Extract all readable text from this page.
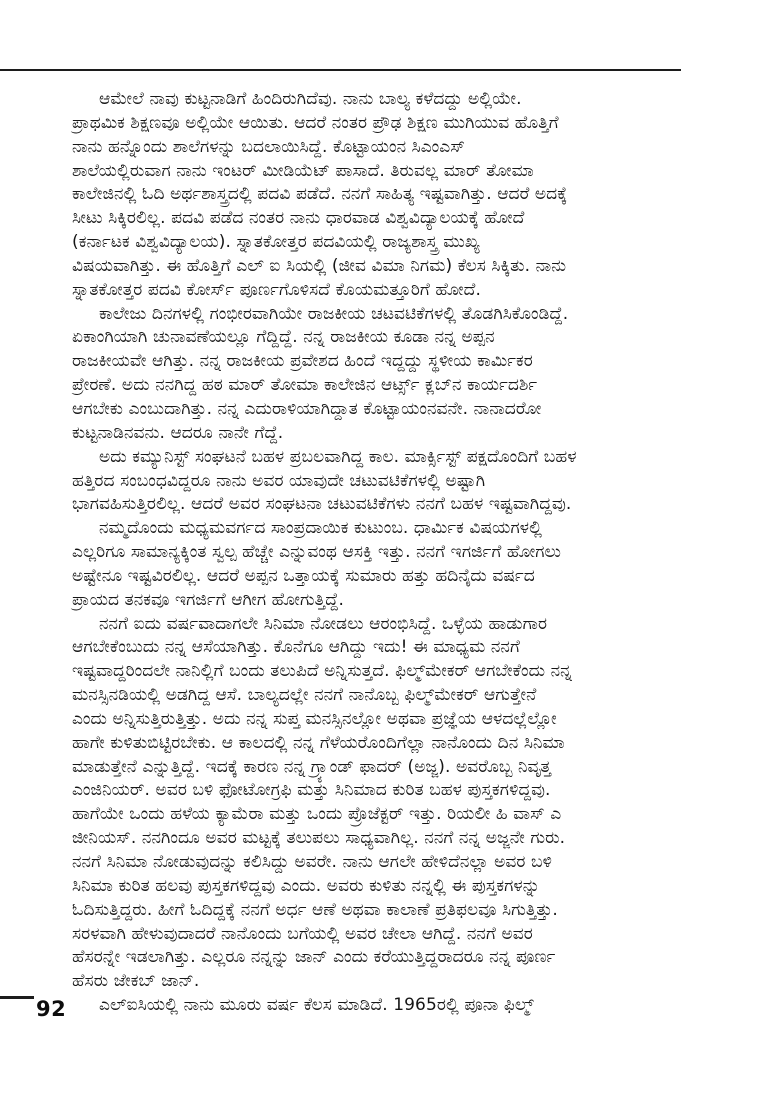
ಆಮೇಲೆ ನಾವು ಕುಟ್ಟನಾಡಿಗೆ ಹಿಂದಿರುಗಿದೆವು. ನಾನು ಬಾಲ್ಯ ಕಳೆದದ್ದು ಅಲ್ಲಿಯೇ.
ಪ್ರಾಥಮಿಕ ಶಿಕ್ಷಣವೂ ಅಲ್ಲಿಯೇ ಆಯಿತು. ಆದರೆ ನಂತರ ಪ್ರೌಢ ಶಿಕ್ಷಣ ಮುಗಿಯುವ ಹೊತ್ತಿಗೆ
ನಾನು ಹನ್ನೊಂದು ಶಾಲೆಗಳನ್ನು ಬದಲಾಯಿಸಿದ್ದೆ. ಕೊಟ್ಟಾಯಂನ ಸಿಎಂಎಸ್
ಶಾಲೆಯಲ್ಲಿರುವಾಗ ನಾನು ಇಂಟರ್ ಮೀಡಿಯೆಟ್ ಪಾಸಾದೆ. ತಿರುವಲ್ಲ ಮಾರ್ ತೋಮಾ
ಕಾಲೇಜಿನಲ್ಲಿ ಓದಿ ಅರ್ಥಶಾಸ್ತ್ರದಲ್ಲಿ ಪದವಿ ಪಡೆದೆ. ನನಗೆ ಸಾಹಿತ್ಯ ಇಷ್ಟವಾಗಿತ್ತು. ಆದರೆ ಅದಕ್ಕೆ
ಸೀಟು ಸಿಕ್ಕಿರಲಿಲ್ಲ. ಪದವಿ ಪಡೆದ ನಂತರ ನಾನು ಧಾರವಾಡ ವಿಶ್ವವಿದ್ಯಾಲಯಕ್ಕೆ ಹೋದೆ
(ಕರ್ನಾಟಕ ವಿಶ್ವವಿದ್ಯಾಲಯ). ಸ್ನಾತಕೋತ್ತರ ಪದವಿಯಲ್ಲಿ ರಾಜ್ಯಶಾಸ್ತ್ರ ಮುಖ್ಯ
ವಿಷಯವಾಗಿತ್ತು. ಈ ಹೊತ್ತಿಗೆ ಎಲ್ ಐ ಸಿಯಲ್ಲಿ (ಜೀವ ವಿಮಾ ನಿಗಮ) ಕೆಲಸ ಸಿಕ್ಕಿತು. ನಾನು
ಸ್ನಾತಕೋತ್ತರ ಪದವಿ ಕೋರ್ಸ್ ಪೂರ್ಣಗೊಳಿಸದೆ ಕೊಯಮತ್ತೂರಿಗೆ ಹೋದೆ.
ಕಾಲೇಜು ದಿನಗಳಲ್ಲಿ ಗಂಭೀರವಾಗಿಯೇ ರಾಜಕೀಯ ಚಟವಟಿಕೆಗಳಲ್ಲಿ ತೊಡಗಿಸಿಕೊಂಡಿದ್ದೆ.
ಏಕಾಂಗಿಯಾಗಿ ಚುನಾವಣೆಯಲ್ಲೂ ಗೆದ್ದಿದ್ದೆ. ನನ್ನ ರಾಜಕೀಯ ಕೂಡಾ ನನ್ನ ಅಪ್ಪನ
ರಾಜಕೀಯವೇ ಆಗಿತ್ತು. ನನ್ನ ರಾಜಕೀಯ ಪ್ರವೇಶದ ಹಿಂದೆ ಇದ್ದದ್ದು ಸ್ಥಳೀಯ ಕಾರ್ಮಿಕರ
ಪ್ರೇರಣೆ. ಅದು ನನಗಿದ್ದ ಹಠ ಮಾರ್ ತೋಮಾ ಕಾಲೇಜಿನ ಆರ್ಟ್ಸ್ ಕ್ಲಬ್‌ನ ಕಾರ್ಯದರ್ಶಿ
ಆಗಬೇಕು ಎಂಬುದಾಗಿತ್ತು. ನನ್ನ ಎದುರಾಳಿಯಾಗಿದ್ದಾತ ಕೊಟ್ಟಾಯಂನವನೇ. ನಾನಾದರೋ
ಕುಟ್ಟನಾಡಿನವನು. ಆದರೂ ನಾನೇ ಗೆದ್ದೆ.
ಅದು ಕಮ್ಯುನಿಸ್ಟ್ ಸಂಘಟನೆ ಬಹಳ ಪ್ರಬಲವಾಗಿದ್ದ ಕಾಲ. ಮಾರ್ಕ್ಸಿಸ್ಟ್ ಪಕ್ಷದೊಂದಿಗೆ ಬಹಳ
ಹತ್ತಿರದ ಸಂಬಂಧವಿದ್ದರೂ ನಾನು ಅವರ ಯಾವುದೇ ಚಟುವಟಿಕೆಗಳಲ್ಲಿ ಅಷ್ಟಾಗಿ
ಭಾಗವಹಿಸುತ್ತಿರಲಿಲ್ಲ. ಆದರೆ ಅವರ ಸಂಘಟನಾ ಚಟುವಟಿಕೆಗಳು ನನಗೆ ಬಹಳ ಇಷ್ಟವಾಗಿದ್ದವು.
ನಮ್ಮದೊಂದು ಮಧ್ಯಮವರ್ಗದ ಸಾಂಪ್ರದಾಯಿಕ ಕುಟುಂಬ. ಧಾರ್ಮಿಕ ವಿಷಯಗಳಲ್ಲಿ
ಎಲ್ಲರಿಗೂ ಸಾಮಾನ್ಯಕ್ಕಿಂತ ಸ್ವಲ್ಪ ಹೆಚ್ಚೇ ಎನ್ನುವಂಥ ಆಸಕ್ತಿ ಇತ್ತು. ನನಗೆ ಇಗರ್ಜಿಗೆ ಹೋಗಲು
ಅಷ್ಟೇನೂ ಇಷ್ಟವಿರಲಿಲ್ಲ. ಆದರೆ ಅಪ್ಪನ ಒತ್ತಾಯಕ್ಕೆ ಸುಮಾರು ಹತ್ತು ಹದಿನೈದು ವರ್ಷದ
ಪ್ರಾಯದ ತನಕವೂ ಇಗರ್ಜಿಗೆ ಆಗೀಗ ಹೋಗುತ್ತಿದ್ದೆ.
ನನಗೆ ಐದು ವರ್ಷವಾದಾಗಲೇ ಸಿನಿಮಾ ನೋಡಲು ಆರಂಭಿಸಿದ್ದೆ. ಒಳ್ಳೆಯ ಹಾಡುಗಾರ
ಆಗಬೇಕೆಂಬುದು ನನ್ನ ಆಸೆಯಾಗಿತ್ತು. ಕೊನೆಗೂ ಆಗಿದ್ದು ಇದು! ಈ ಮಾಧ್ಯಮ ನನಗೆ
ಇಷ್ಟವಾದ್ದರಿಂದಲೇ ನಾನಿಲ್ಲಿಗೆ ಬಂದು ತಲುಪಿದೆ ಅನ್ನಿಸುತ್ತದೆ. ಫಿಲ್ಮ್‌ಮೇಕರ್ ಆಗಬೇಕೆಂದು ನನ್ನ
ಮನಸ್ಸಿನಡಿಯಲ್ಲಿ ಅಡಗಿದ್ದ ಆಸೆ. ಬಾಲ್ಯದಲ್ಲೇ ನನಗೆ ನಾನೊಬ್ಬ ಫಿಲ್ಮ್‌ಮೇಕರ್ ಆಗುತ್ತೇನೆ
ಎಂದು ಅನ್ನಿಸುತ್ತಿರುತ್ತಿತ್ತು. ಅದು ನನ್ನ ಸುಪ್ತ ಮನಸ್ಸಿನಲ್ಲೋ ಅಥವಾ ಪ್ರಜ್ಞೆಯ ಆಳದಲ್ಲೆಲ್ಲೋ
ಹಾಗೇ ಕುಳಿತುಬಿಟ್ಟಿರಬೇಕು. ಆ ಕಾಲದಲ್ಲಿ ನನ್ನ ಗೆಳೆಯರೊಂದಿಗೆಲ್ಲಾ ನಾನೊಂದು ದಿನ ಸಿನಿಮಾ
ಮಾಡುತ್ತೇನೆ ಎನ್ನುತ್ತಿದ್ದೆ. ಇದಕ್ಕೆ ಕಾರಣ ನನ್ನ ಗ್ರ್ಯಾಂಡ್ ಫಾದರ್ (ಅಜ್ಜ). ಅವರೊಬ್ಬ ನಿವೃತ್ತ
ಎಂಜಿನಿಯರ್. ಅವರ ಬಳಿ ಫೋಟೋಗ್ರಫಿ ಮತ್ತು ಸಿನಿಮಾದ ಕುರಿತ ಬಹಳ ಪುಸ್ತಕಗಳಿದ್ದವು.
ಹಾಗೆಯೇ ಒಂದು ಹಳೆಯ ಕ್ಯಾಮೆರಾ ಮತ್ತು ಒಂದು ಪ್ರೊಜೆಕ್ಟರ್ ಇತ್ತು. ರಿಯಲೀ ಹಿ ವಾಸ್ ಎ
ಜೀನಿಯಸ್. ನನಗಿಂದೂ ಅವರ ಮಟ್ಟಕ್ಕೆ ತಲುಪಲು ಸಾಧ್ಯವಾಗಿಲ್ಲ. ನನಗೆ ನನ್ನ ಅಜ್ಜನೇ ಗುರು.
ನನಗೆ ಸಿನಿಮಾ ನೋಡುವುದನ್ನು ಕಲಿಸಿದ್ದು ಅವರೇ. ನಾನು ಆಗಲೇ ಹೇಳಿದೆನಲ್ಲಾ ಅವರ ಬಳಿ
ಸಿನಿಮಾ ಕುರಿತ ಹಲವು ಪುಸ್ತಕಗಳಿದ್ದವು ಎಂದು. ಅವರು ಕುಳಿತು ನನ್ನಲ್ಲಿ ಈ ಪುಸ್ತಕಗಳನ್ನು
ಓದಿಸುತ್ತಿದ್ದರು. ಹೀಗೆ ಓದಿದ್ದಕ್ಕೆ ನನಗೆ ಅರ್ಧ ಆಣೆ ಅಥವಾ ಕಾಲಾಣೆ ಪ್ರತಿಫಲವೂ ಸಿಗುತ್ತಿತ್ತು.
ಸರಳವಾಗಿ ಹೇಳುವುದಾದರೆ ನಾನೊಂದು ಬಗೆಯಲ್ಲಿ ಅವರ ಚೇಲಾ ಆಗಿದ್ದೆ. ನನಗೆ ಅವರ
ಹೆಸರನ್ನೇ ಇಡಲಾಗಿತ್ತು. ಎಲ್ಲರೂ ನನ್ನನ್ನು ಜಾನ್ ಎಂದು ಕರೆಯುತ್ತಿದ್ದರಾದರೂ ನನ್ನ ಪೂರ್ಣ
ಹೆಸರು ಜೇಕಬ್ ಜಾನ್.
ಎಲ್‌ಐಸಿಯಲ್ಲಿ ನಾನು ಮೂರು ವರ್ಷ ಕೆಲಸ ಮಾಡಿದೆ. 1965ರಲ್ಲಿ ಪೂನಾ ಫಿಲ್ಮ್
92
